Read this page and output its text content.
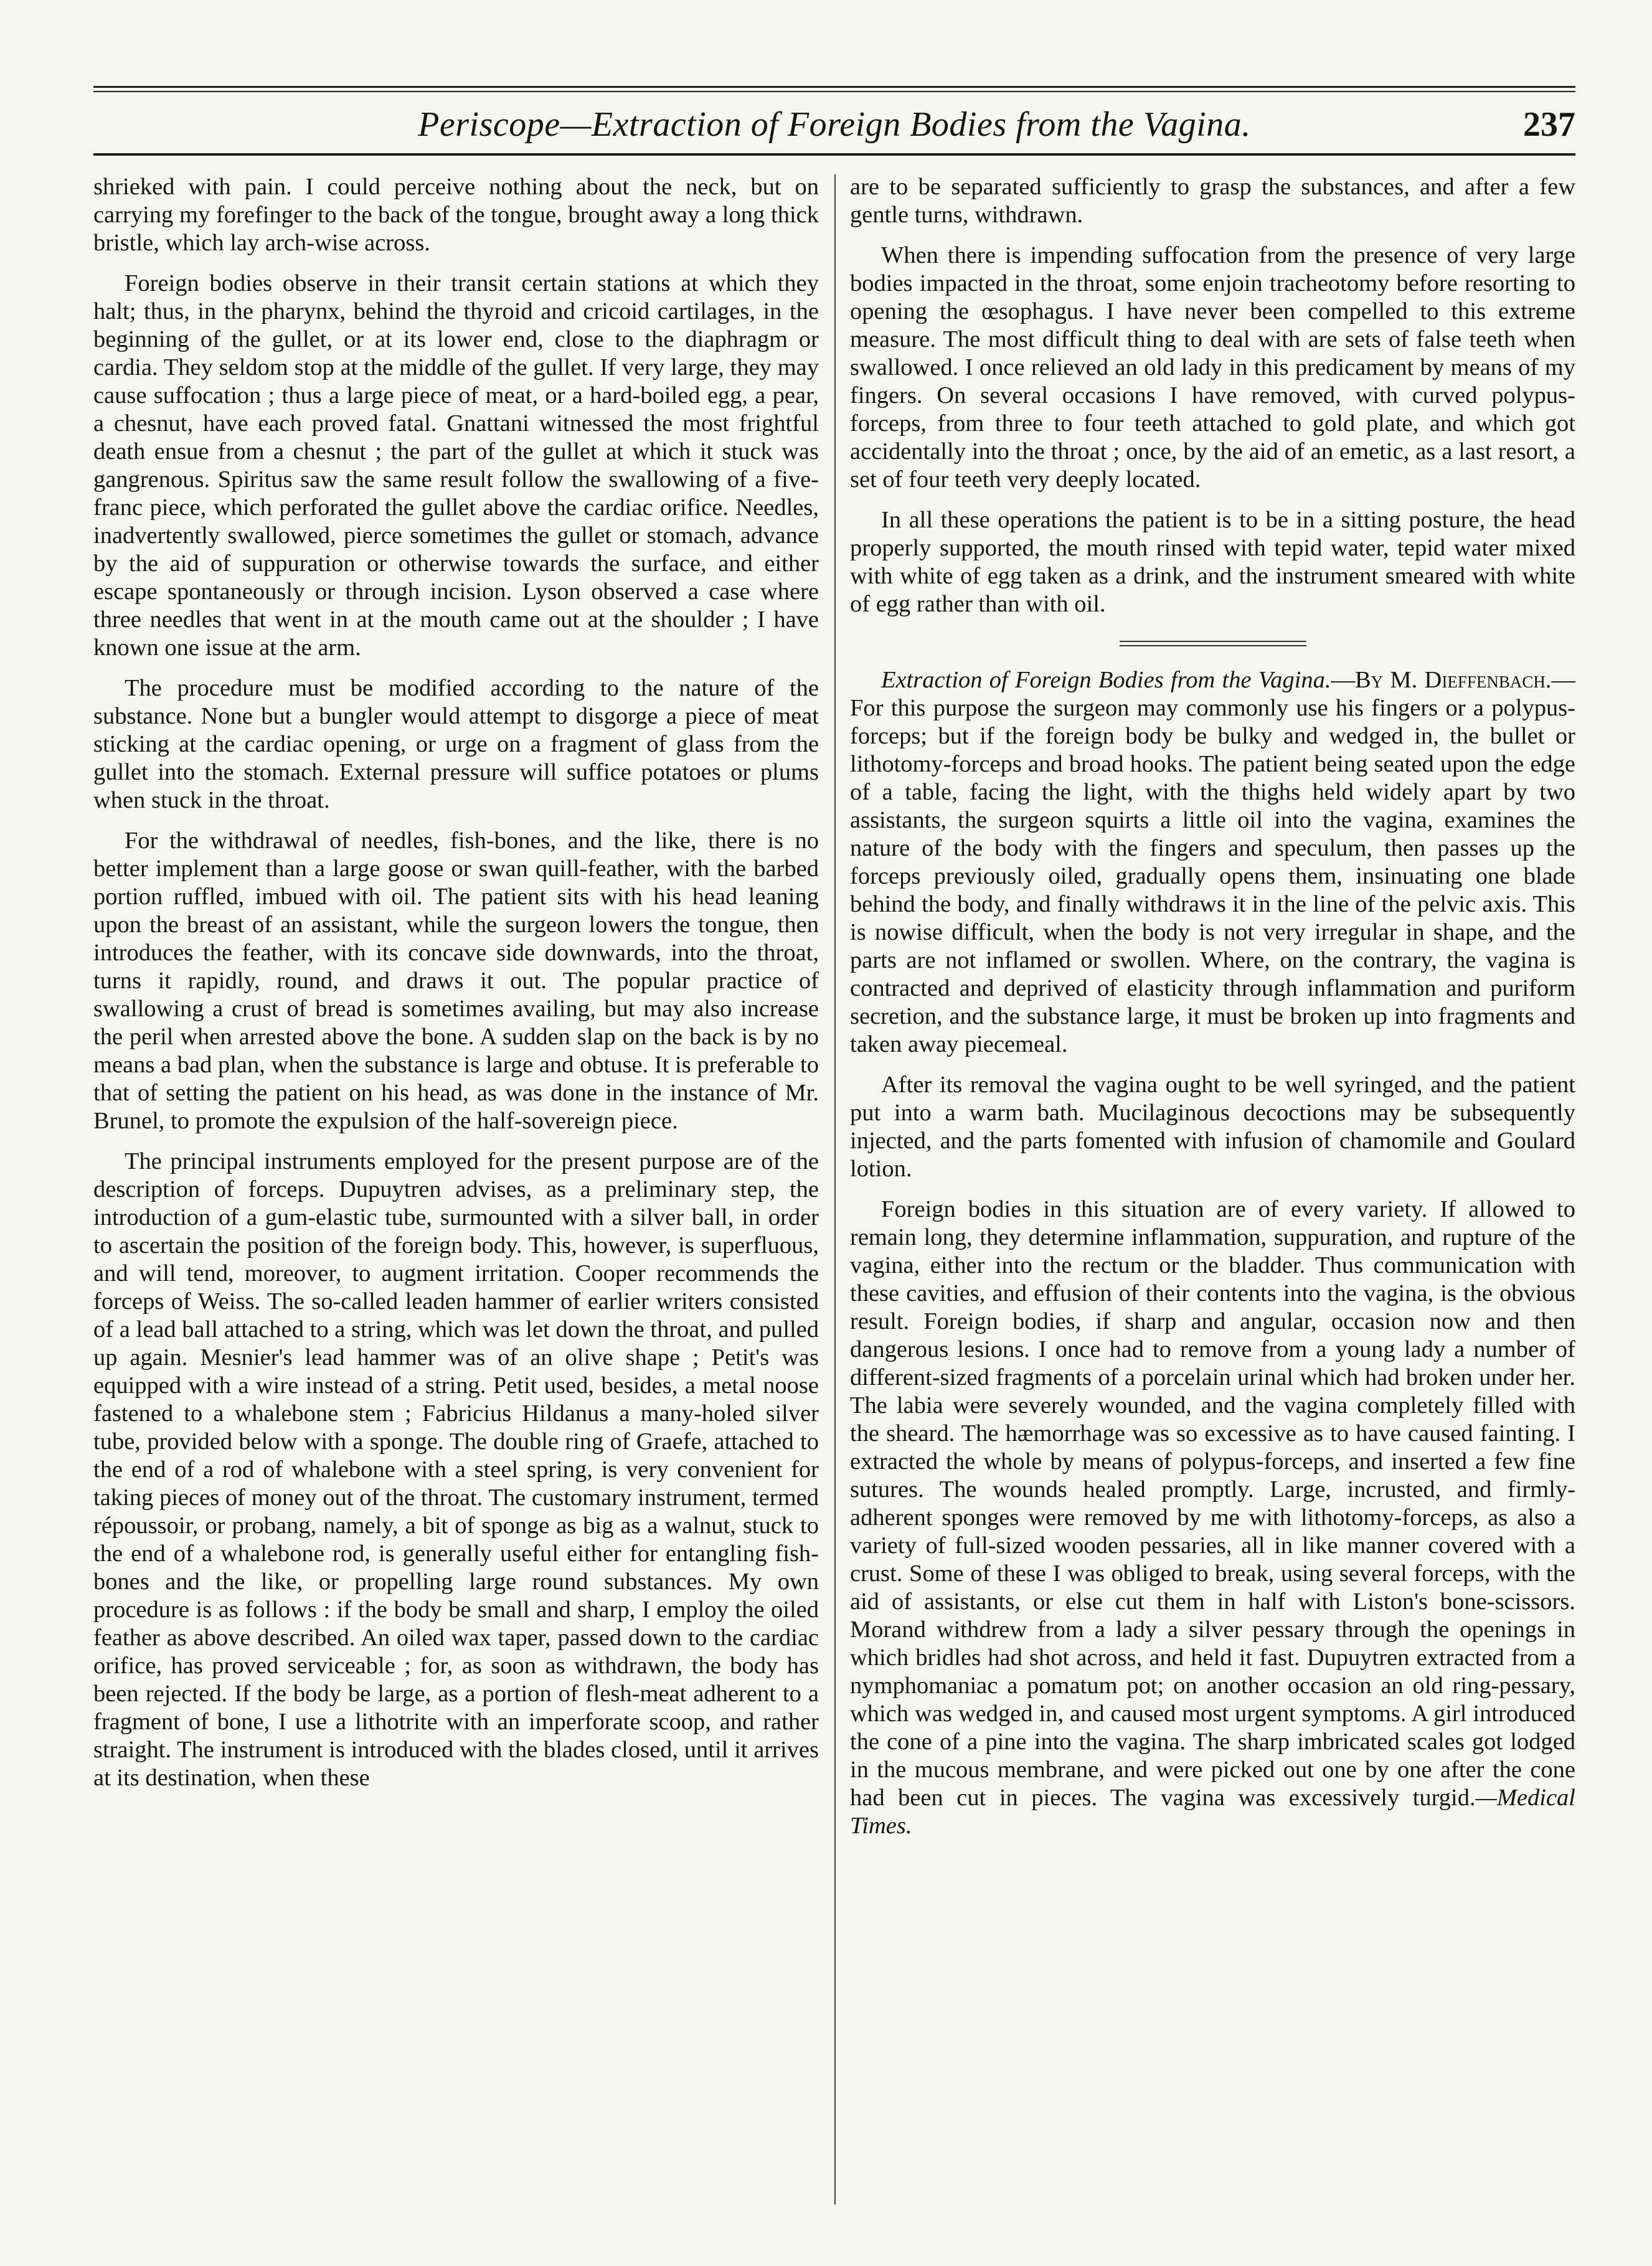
Periscope—Extraction of Foreign Bodies from the Vagina.	237

shrieked with pain. I could perceive nothing about the neck, but on carrying my forefinger to the back of the tongue, brought away a long thick bristle, which lay arch-wise across.

Foreign bodies observe in their transit certain stations at which they halt; thus, in the pharynx, behind the thyroid and cricoid cartilages, in the beginning of the gullet, or at its lower end, close to the diaphragm or cardia. They seldom stop at the middle of the gullet. If very large, they may cause suffocation ; thus a large piece of meat, or a hard-boiled egg, a pear, a chesnut, have each proved fatal. Gnattani witnessed the most frightful death ensue from a chesnut ; the part of the gullet at which it stuck was gangrenous. Spiritus saw the same result follow the swallowing of a five-franc piece, which perforated the gullet above the cardiac orifice. Needles, inadvertently swallowed, pierce sometimes the gullet or stomach, advance by the aid of suppuration or otherwise towards the surface, and either escape spontaneously or through incision. Lyson observed a case where three needles that went in at the mouth came out at the shoulder ; I have known one issue at the arm.

The procedure must be modified according to the nature of the substance. None but a bungler would attempt to disgorge a piece of meat sticking at the cardiac opening, or urge on a fragment of glass from the gullet into the stomach. External pressure will suffice potatoes or plums when stuck in the throat.

For the withdrawal of needles, fish-bones, and the like, there is no better implement than a large goose or swan quill-feather, with the barbed portion ruffled, imbued with oil. The patient sits with his head leaning upon the breast of an assistant, while the surgeon lowers the tongue, then introduces the feather, with its concave side downwards, into the throat, turns it rapidly, round, and draws it out. The popular practice of swallowing a crust of bread is sometimes availing, but may also increase the peril when arrested above the bone. A sudden slap on the back is by no means a bad plan, when the substance is large and obtuse. It is preferable to that of setting the patient on his head, as was done in the instance of Mr. Brunel, to promote the expulsion of the half-sovereign piece.

The principal instruments employed for the present purpose are of the description of forceps. Dupuytren advises, as a preliminary step, the introduction of a gum-elastic tube, surmounted with a silver ball, in order to ascertain the position of the foreign body. This, however, is superfluous, and will tend, moreover, to augment irritation. Cooper recommends the forceps of Weiss. The so-called leaden hammer of earlier writers consisted of a lead ball attached to a string, which was let down the throat, and pulled up again. Mesnier's lead hammer was of an olive shape ; Petit's was equipped with a wire instead of a string. Petit used, besides, a metal noose fastened to a whalebone stem ; Fabricius Hildanus a many-holed silver tube, provided below with a sponge. The double ring of Graefe, attached to the end of a rod of whalebone with a steel spring, is very convenient for taking pieces of money out of the throat. The customary instrument, termed répoussoir, or probang, namely, a bit of sponge as big as a walnut, stuck to the end of a whalebone rod, is generally useful either for entangling fish-bones and the like, or propelling large round substances. My own procedure is as follows : if the body be small and sharp, I employ the oiled feather as above described. An oiled wax taper, passed down to the cardiac orifice, has proved serviceable ; for, as soon as withdrawn, the body has been rejected. If the body be large, as a portion of flesh-meat adherent to a fragment of bone, I use a lithotrite with an imperforate scoop, and rather straight. The instrument is introduced with the blades closed, until it arrives at its destination, when these

are to be separated sufficiently to grasp the substances, and after a few gentle turns, withdrawn.

When there is impending suffocation from the presence of very large bodies impacted in the throat, some enjoin tracheotomy before resorting to opening the œsophagus. I have never been compelled to this extreme measure. The most difficult thing to deal with are sets of false teeth when swallowed. I once relieved an old lady in this predicament by means of my fingers. On several occasions I have removed, with curved polypus-forceps, from three to four teeth attached to gold plate, and which got accidentally into the throat ; once, by the aid of an emetic, as a last resort, a set of four teeth very deeply located.

In all these operations the patient is to be in a sitting posture, the head properly supported, the mouth rinsed with tepid water, tepid water mixed with white of egg taken as a drink, and the instrument smeared with white of egg rather than with oil.

Extraction of Foreign Bodies from the Vagina.—By M. Dieffenbach.—For this purpose the surgeon may commonly use his fingers or a polypus-forceps; but if the foreign body be bulky and wedged in, the bullet or lithotomy-forceps and broad hooks. The patient being seated upon the edge of a table, facing the light, with the thighs held widely apart by two assistants, the surgeon squirts a little oil into the vagina, examines the nature of the body with the fingers and speculum, then passes up the forceps previously oiled, gradually opens them, insinuating one blade behind the body, and finally withdraws it in the line of the pelvic axis. This is nowise difficult, when the body is not very irregular in shape, and the parts are not inflamed or swollen. Where, on the contrary, the vagina is contracted and deprived of elasticity through inflammation and puriform secretion, and the substance large, it must be broken up into fragments and taken away piecemeal.

After its removal the vagina ought to be well syringed, and the patient put into a warm bath. Mucilaginous decoctions may be subsequently injected, and the parts fomented with infusion of chamomile and Goulard lotion.

Foreign bodies in this situation are of every variety. If allowed to remain long, they determine inflammation, suppuration, and rupture of the vagina, either into the rectum or the bladder. Thus communication with these cavities, and effusion of their contents into the vagina, is the obvious result. Foreign bodies, if sharp and angular, occasion now and then dangerous lesions. I once had to remove from a young lady a number of different-sized fragments of a porcelain urinal which had broken under her. The labia were severely wounded, and the vagina completely filled with the sheard. The hæmorrhage was so excessive as to have caused fainting. I extracted the whole by means of polypus-forceps, and inserted a few fine sutures. The wounds healed promptly. Large, incrusted, and firmly-adherent sponges were removed by me with lithotomy-forceps, as also a variety of full-sized wooden pessaries, all in like manner covered with a crust. Some of these I was obliged to break, using several forceps, with the aid of assistants, or else cut them in half with Liston's bone-scissors. Morand withdrew from a lady a silver pessary through the openings in which bridles had shot across, and held it fast. Dupuytren extracted from a nymphomaniac a pomatum pot; on another occasion an old ring-pessary, which was wedged in, and caused most urgent symptoms. A girl introduced the cone of a pine into the vagina. The sharp imbricated scales got lodged in the mucous membrane, and were picked out one by one after the cone had been cut in pieces. The vagina was excessively turgid.—Medical Times.
